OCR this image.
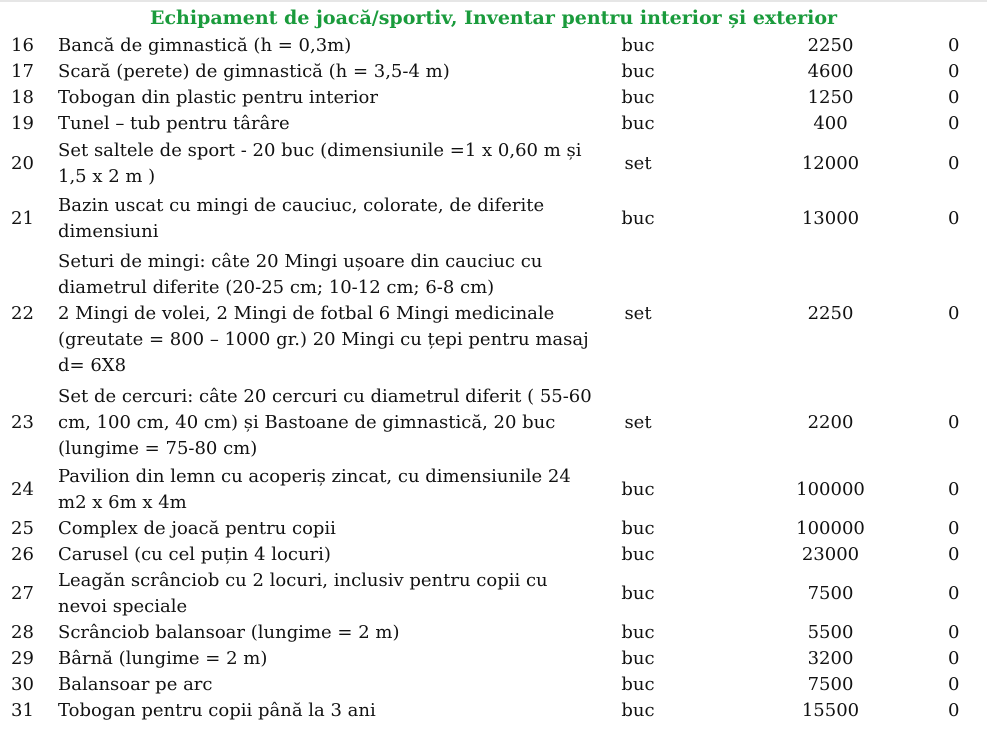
Echipament de joacă/sportiv, Inventar pentru interior și exterior
16	Bancă de gimnastică (h = 0,3m)	buc	2250	0
17	Scară (perete) de gimnastică (h = 3,5-4 m)	buc	4600	0
18	Tobogan din plastic pentru interior	buc	1250	0
19	Tunel – tub pentru târâre	buc	400	0
20	Set saltele de sport - 20 buc (dimensiunile =1 x 0,60 m și
1,5 x 2 m )	set	12000	0
21	Bazin uscat cu mingi de cauciuc, colorate, de diferite
dimensiuni	buc	13000	0
22	Seturi de mingi: câte 20 Mingi ușoare din cauciuc cu
diametrul diferite (20-25 cm; 10-12 cm; 6-8 cm)
2 Mingi de volei, 2 Mingi de fotbal 6 Mingi medicinale
(greutate = 800 – 1000 gr.) 20 Mingi cu țepi pentru masaj
d= 6X8	set	2250	0
23	Set de cercuri: câte 20 cercuri cu diametrul diferit ( 55-60
cm, 100 cm, 40 cm) și Bastoane de gimnastică, 20 buc
(lungime = 75-80 cm)	set	2200	0
24	Pavilion din lemn cu acoperiș zincat, cu dimensiunile 24
m2 x 6m x 4m	buc	100000	0
25	Complex de joacă pentru copii	buc	100000	0
26	Carusel (cu cel puțin 4 locuri)	buc	23000	0
27	Leagăn scrânciob cu 2 locuri, inclusiv pentru copii cu
nevoi speciale	buc	7500	0
28	Scrânciob balansoar (lungime = 2 m)	buc	5500	0
29	Bârnă (lungime = 2 m)	buc	3200	0
30	Balansoar pe arc	buc	7500	0
31	Tobogan pentru copii până la 3 ani	buc	15500	0
